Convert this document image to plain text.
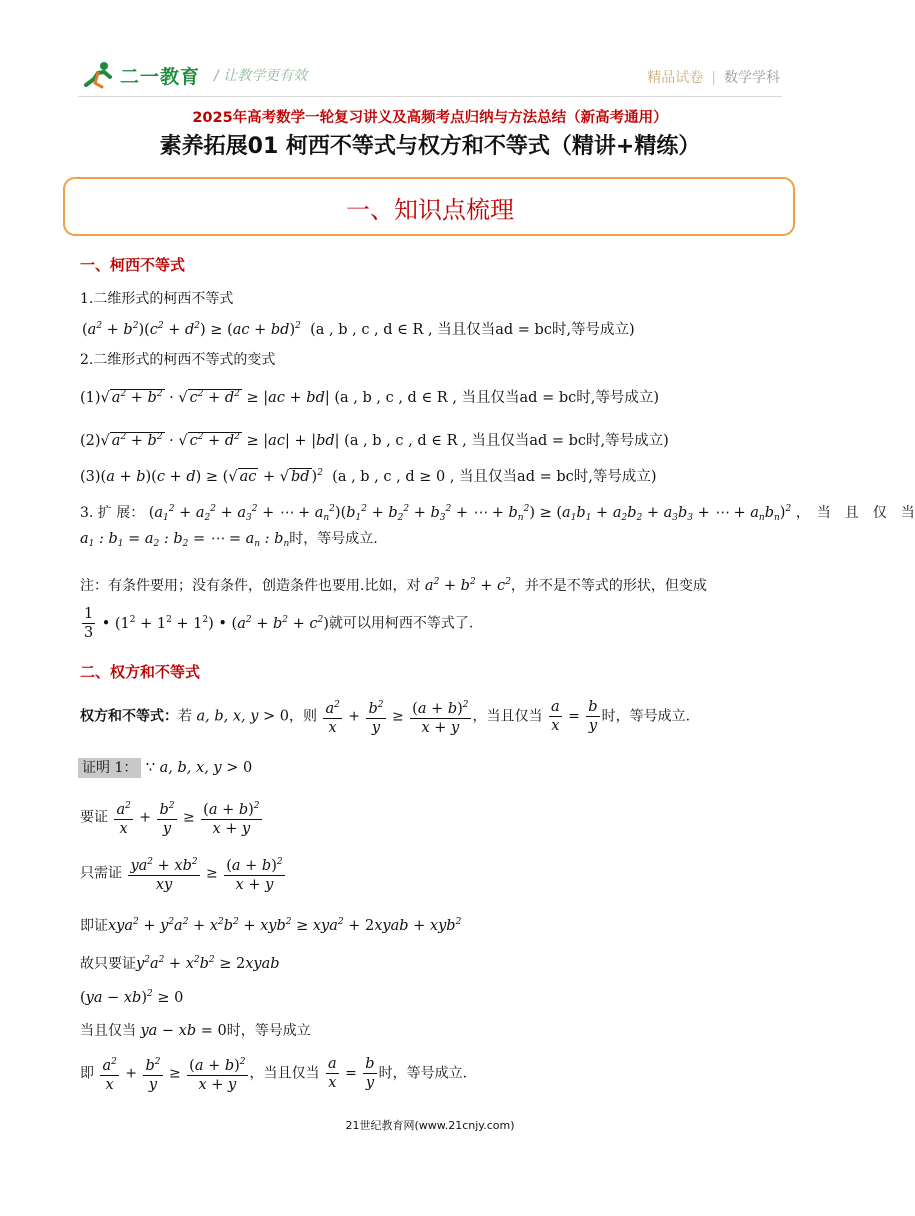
二一教育 / 让教学更有效	精品试卷 | 数学学科
2025年高考数学一轮复习讲义及高频考点归纳与方法总结（新高考通用）
素养拓展01 柯西不等式与权方和不等式（精讲+精练）
一、知识点梳理
一、柯西不等式
1.二维形式的柯西不等式
$(a^2 + b^2)(c^2 + d^2) \ge (ac + bd)^2$ (a , b , c , d ∈ R , 当且仅当ad = bc时,等号成立)
2.二维形式的柯西不等式的变式
(1)√ $a^2 + b^2$ · √ $c^2 + d^2 \ge |ac + bd|$ (a , b , c , d ∈ R , 当且仅当ad = bc时,等号成立)
(2)√ $a^2 + b^2$ · √ $c^2 + d^2 \ge |ac| + |bd|$ (a , b , c , d ∈ R , 当且仅当ad = bc时,等号成立)
(3)(a + b)(c + d) ≥ (√ ac + √ bd )$^2$ (a , b , c , d ≥ 0 , 当且仅当ad = bc时,等号成立)
3. 扩 展： ($a_1^2 + a_2^2 + a_3^2$ + ⋯ + $a_n^2)(b_1^2 + b_2^2 + b_3^2$ + ⋯ + $b_n^2) \ge (a_1b_1 + a_2b_2 + a_3b_3$ + ⋯ + $a_nb_n)^2$ ，　当　且　仅　当
$a_1$ : $b_1 = a_2$ : $b_2$ = ⋯ = $a_n$ : $b_n$时，等号成立.
注：有条件要用；没有条件，创造条件也要用.比如，对 $a^2 + b^2 + c^2$，并不是不等式的形状，但变成
$\frac{1}{3}$ • $(1^2 + 1^2 + 1^2)$ • $(a^2 + b^2 + c^2)$就可以用柯西不等式了.
二、权方和不等式
权方和不等式：若 a, b, x, y > 0，则 $\frac{a^2}{x} + \frac{b^2}{y} \ge \frac{(a + b)^2}{x + y}$ ，当且仅当 $\frac{a}{x} = \frac{b}{y}$ 时，等号成立.
证明 1： ∵ a, b, x, y > 0
要证 $\frac{a^2}{x} + \frac{b^2}{y} \ge \frac{(a + b)^2}{x + y}$
只需证 $\frac{ya^2 + xb^2}{xy} \ge \frac{(a + b)^2}{x + y}$
即证$xya^2 + y^2a^2 + x^2b^2 + xyb^2 \ge xya^2$ + 2xyab + xyb$^2$
故只要证$y^2a^2 + x^2b^2$ ≥ 2xyab
(ya − xb)$^2$ ≥ 0
当且仅当 ya − xb = 0时，等号成立
即 $\frac{a^2}{x} + \frac{b^2}{y} \ge \frac{(a + b)^2}{x + y}$ ，当且仅当 $\frac{a}{x} = \frac{b}{y}$ 时，等号成立.
21世纪教育网(www.21cnjy.com)
